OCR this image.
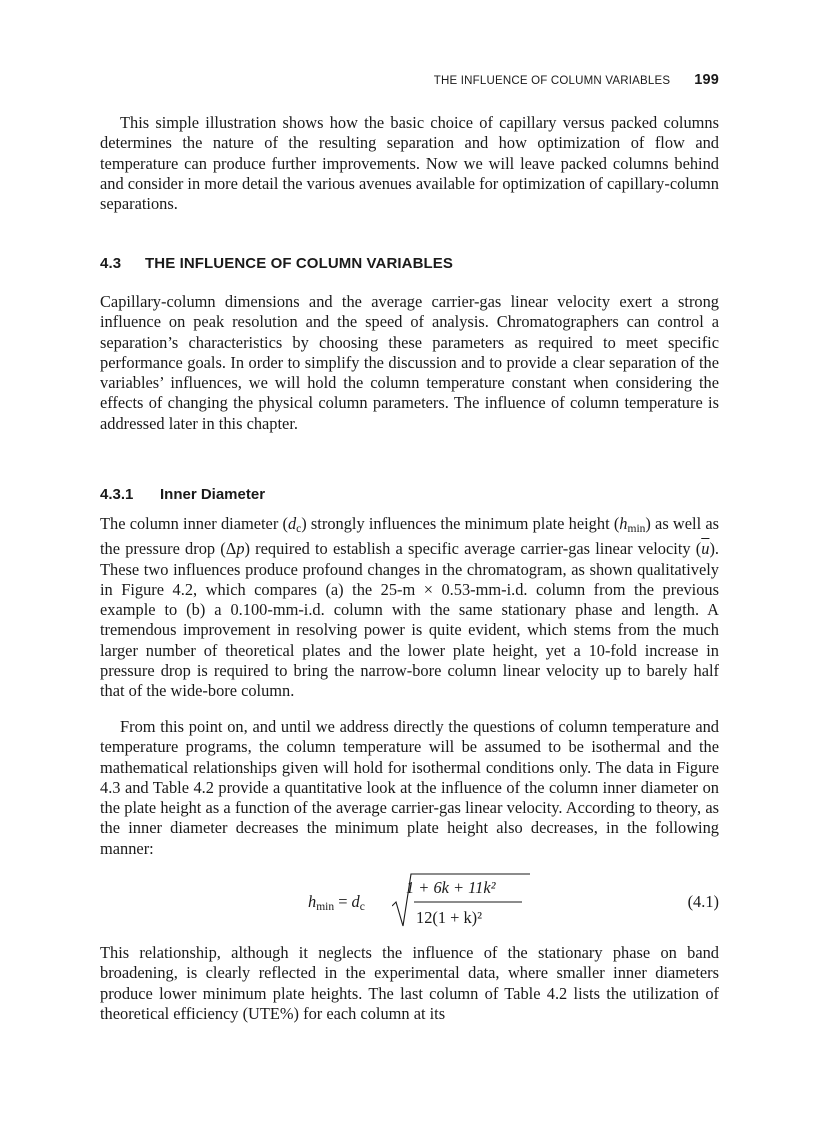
THE INFLUENCE OF COLUMN VARIABLES 199

This simple illustration shows how the basic choice of capillary versus packed columns determines the nature of the resulting separation and how optimization of flow and temperature can produce further improvements. Now we will leave packed columns behind and consider in more detail the various avenues available for optimization of capillary-column separations.

4.3 THE INFLUENCE OF COLUMN VARIABLES

Capillary-column dimensions and the average carrier-gas linear velocity exert a strong influence on peak resolution and the speed of analysis. Chromatographers can control a separation’s characteristics by choosing these parameters as required to meet specific performance goals. In order to simplify the discussion and to provide a clear separation of the variables’ influences, we will hold the column temperature constant when considering the effects of changing the physical column parameters. The influence of column temperature is addressed later in this chapter.

4.3.1 Inner Diameter

The column inner diameter $(d_c)$ strongly influences the minimum plate height $(h_{min})$ as well as the pressure drop (Δp) required to establish a specific average carrier-gas linear velocity $(\overline{u})$. These two influences produce profound changes in the chromatogram, as shown qualitatively in Figure 4.2, which compares (a) the 25-m × 0.53-mm-i.d. column from the previous example to (b) a 0.100-mm-i.d. column with the same stationary phase and length. A tremendous improvement in resolving power is quite evident, which stems from the much larger number of theoretical plates and the lower plate height, yet a 10-fold increase in pressure drop is required to bring the narrow-bore column linear velocity up to barely half that of the wide-bore column.

From this point on, and until we address directly the questions of column temperature and temperature programs, the column temperature will be assumed to be isothermal and the mathematical relationships given will hold for isothermal conditions only. The data in Figure 4.3 and Table 4.2 provide a quantitative look at the influence of the column inner diameter on the plate height as a function of the average carrier-gas linear velocity. According to theory, as the inner diameter decreases the minimum plate height also decreases, in the following manner:

$h_{min} = d_c$
1 + 6k + 11k²
12(1 + k)²
(4.1)

This relationship, although it neglects the influence of the stationary phase on band broadening, is clearly reflected in the experimental data, where smaller inner diameters produce lower minimum plate heights. The last column of Table 4.2 lists the utilization of theoretical efficiency (UTE%) for each column at its
